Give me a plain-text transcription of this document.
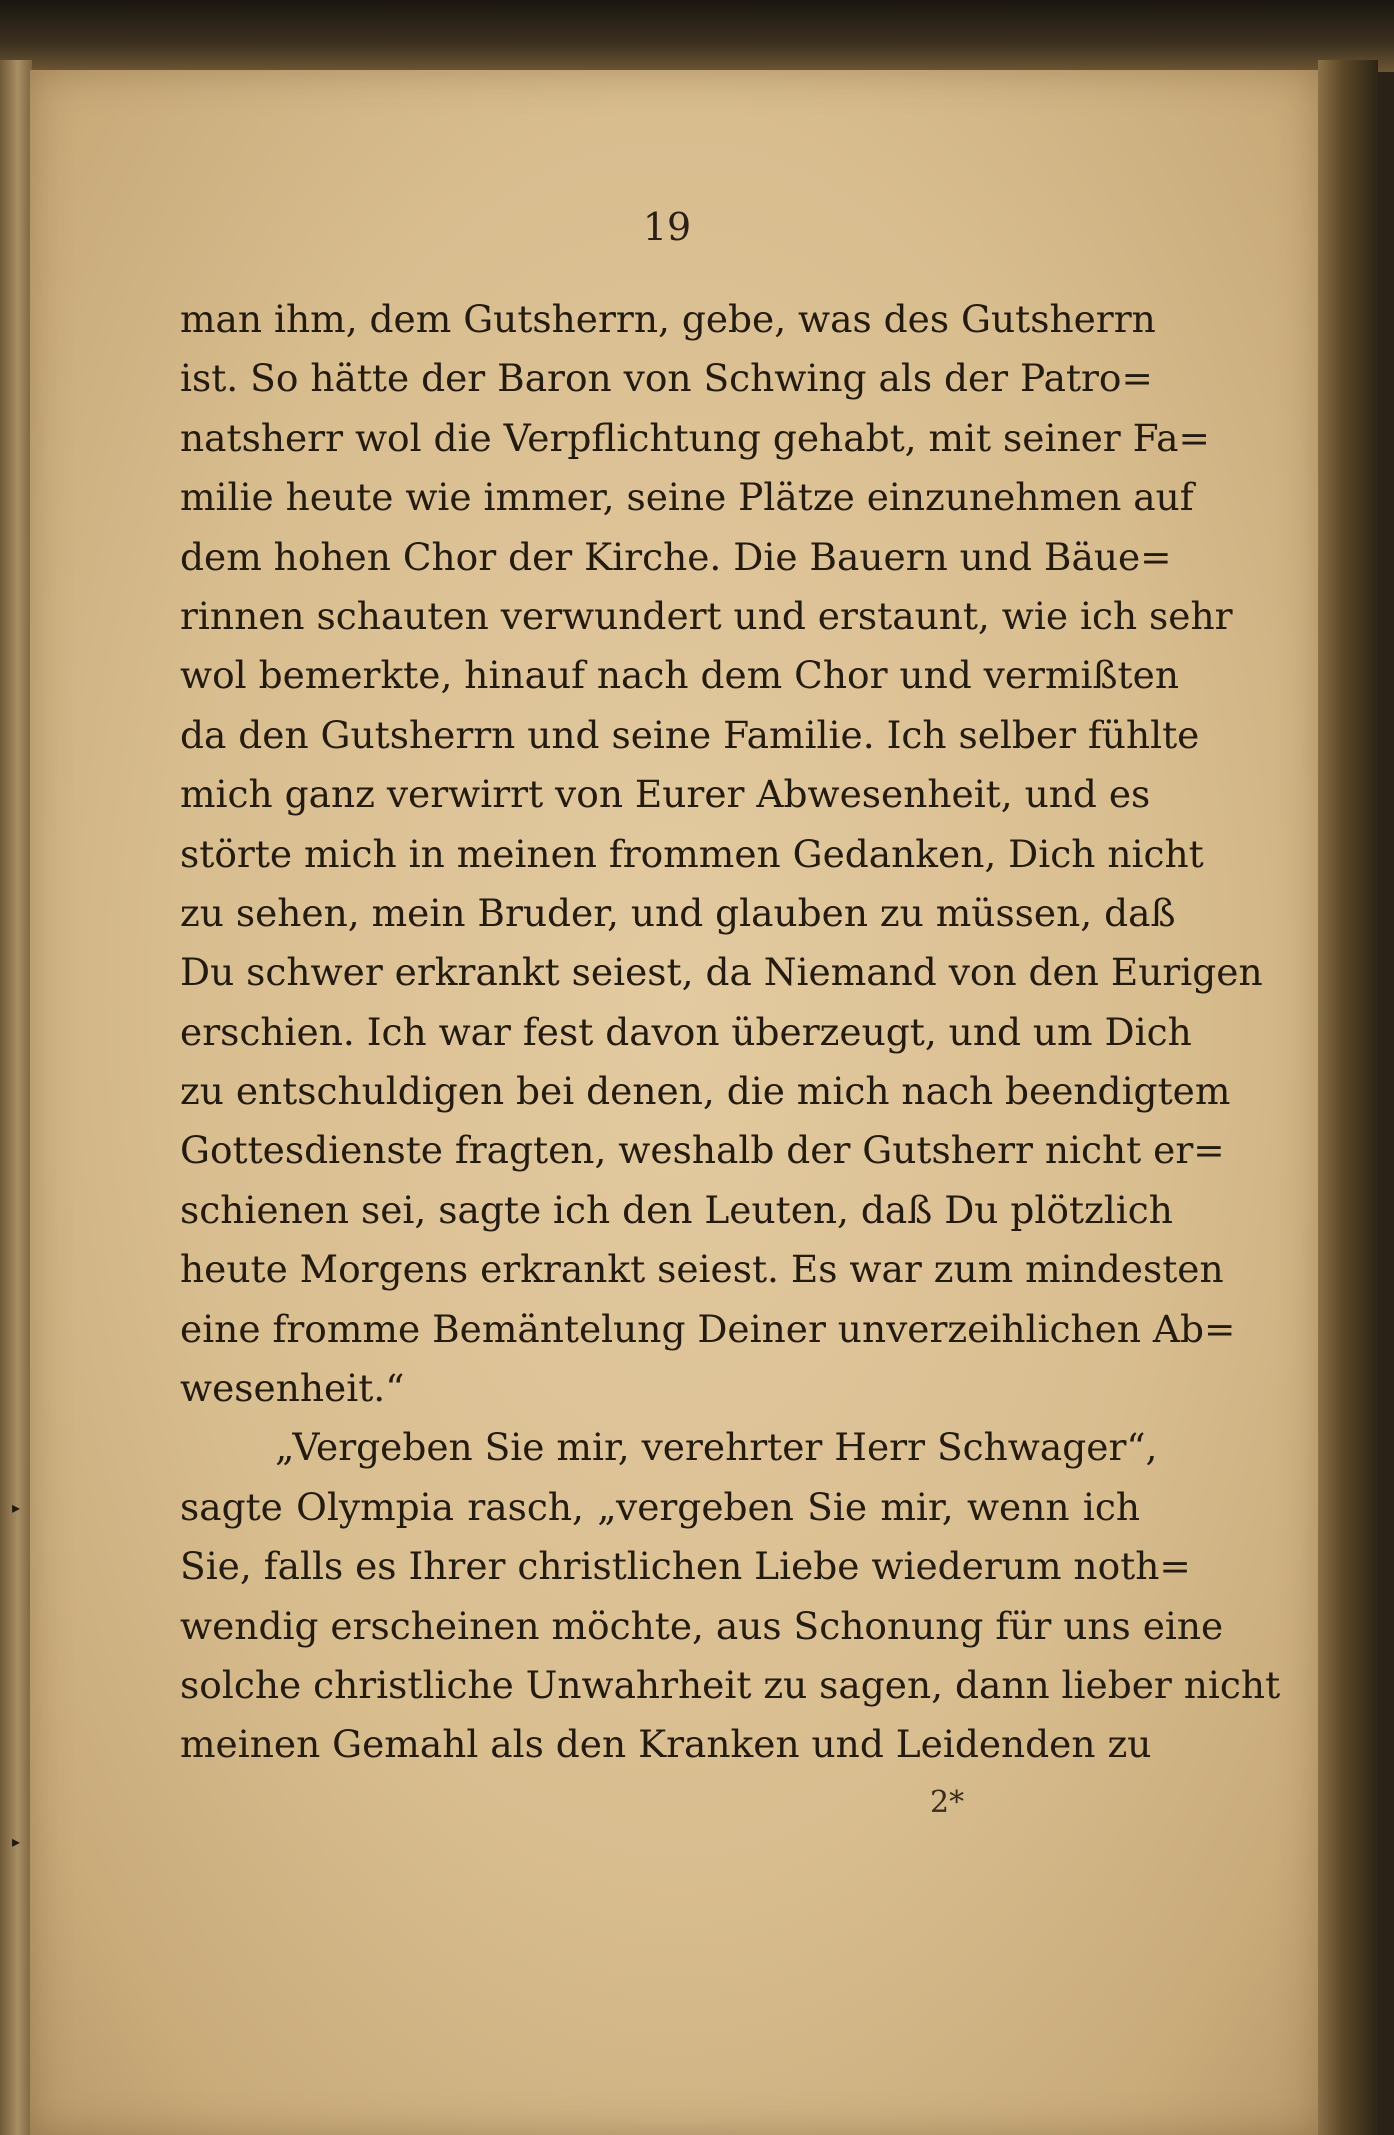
19
man ihm, dem Gutsherrn, gebe, was des Gutsherrn
ist. So hätte der Baron von Schwing als der Patro=
natsherr wol die Verpflichtung gehabt, mit seiner Fa=
milie heute wie immer, seine Plätze einzunehmen auf
dem hohen Chor der Kirche. Die Bauern und Bäue=
rinnen schauten verwundert und erstaunt, wie ich sehr
wol bemerkte, hinauf nach dem Chor und vermißten
da den Gutsherrn und seine Familie. Ich selber fühlte
mich ganz verwirrt von Eurer Abwesenheit, und es
störte mich in meinen frommen Gedanken, Dich nicht
zu sehen, mein Bruder, und glauben zu müssen, daß
Du schwer erkrankt seiest, da Niemand von den Eurigen
erschien. Ich war fest davon überzeugt, und um Dich
zu entschuldigen bei denen, die mich nach beendigtem
Gottesdienste fragten, weshalb der Gutsherr nicht er=
schienen sei, sagte ich den Leuten, daß Du plötzlich
heute Morgens erkrankt seiest. Es war zum mindesten
eine fromme Bemäntelung Deiner unverzeihlichen Ab=
wesenheit.“
„Vergeben Sie mir, verehrter Herr Schwager“,
sagte Olympia rasch, „vergeben Sie mir, wenn ich
Sie, falls es Ihrer christlichen Liebe wiederum noth=
wendig erscheinen möchte, aus Schonung für uns eine
solche christliche Unwahrheit zu sagen, dann lieber nicht
meinen Gemahl als den Kranken und Leidenden zu
2*
▸
▸
